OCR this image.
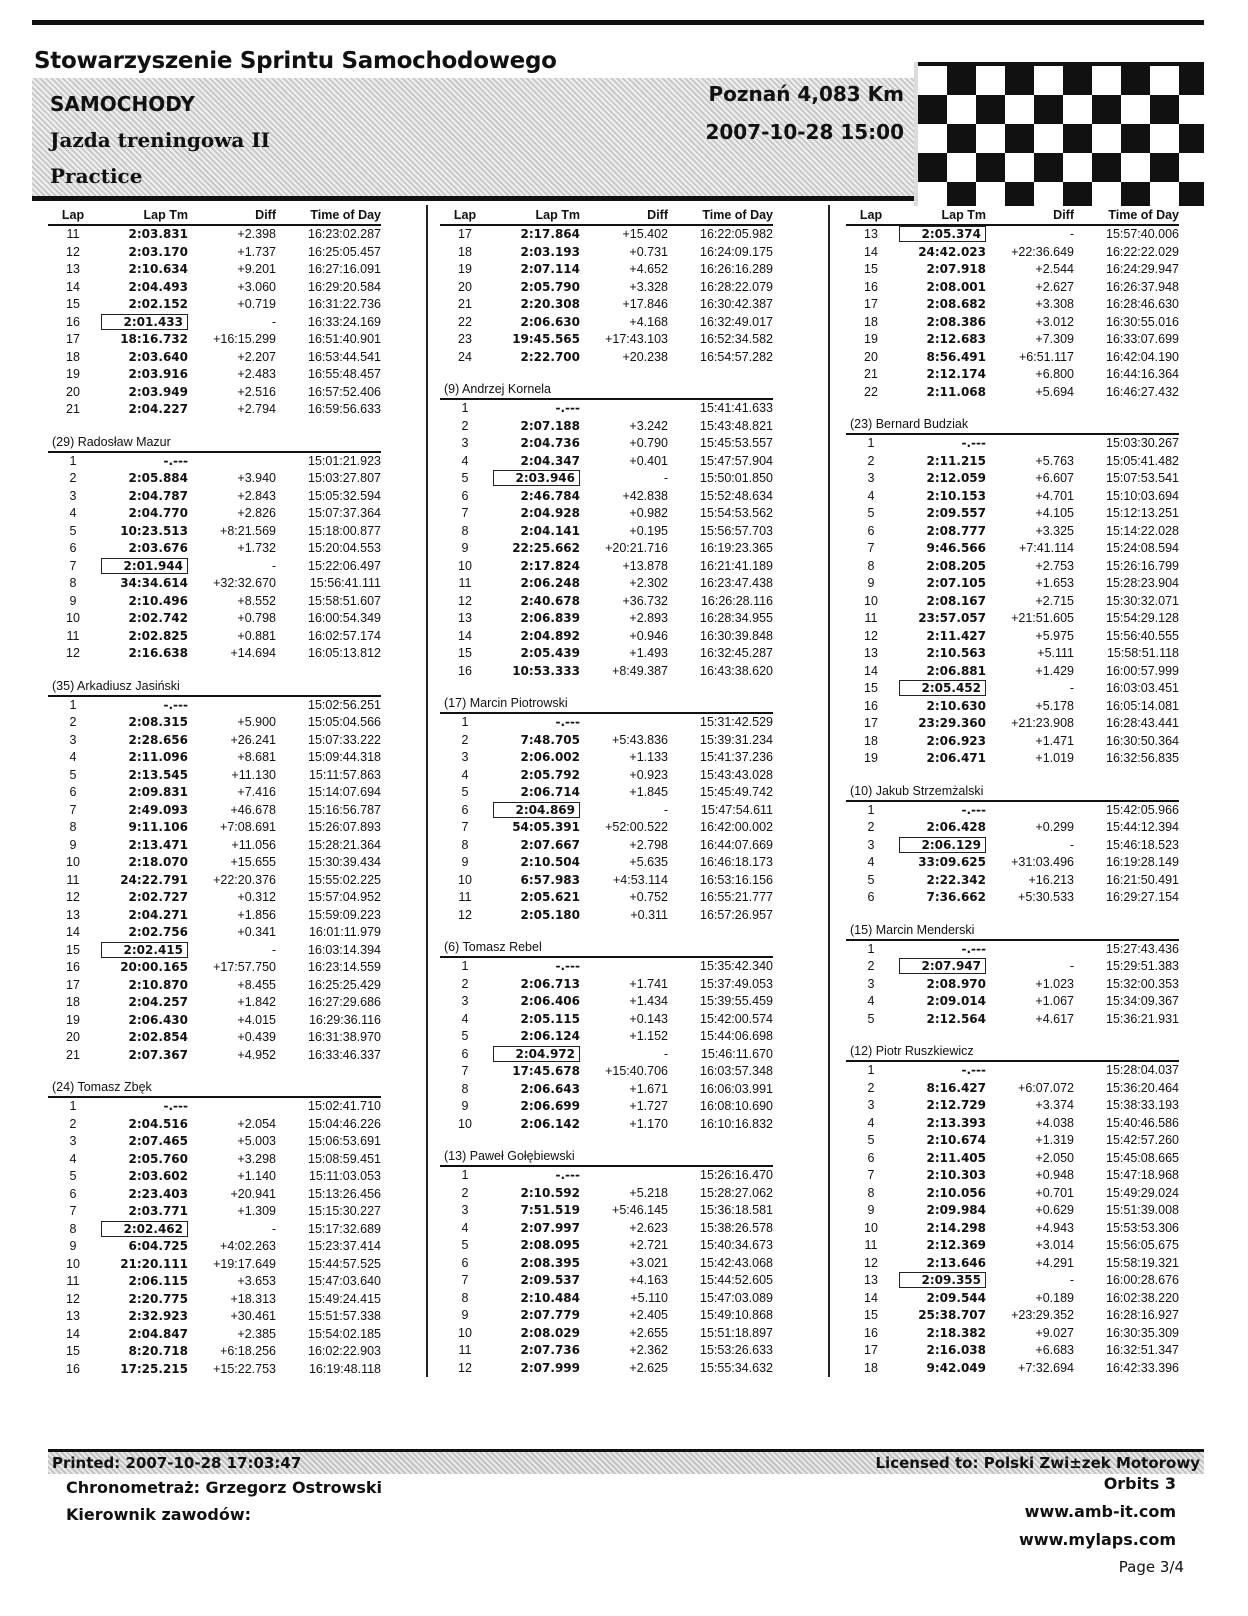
Stowarzyszenie Sprintu Samochodowego
SAMOCHODY
Jazda treningowa II
Practice
Poznań 4,083 Km
2007-10-28 15:00
Lap	Lap Tm	Diff	Time of Day
11	2:03.831	+2.398	16:23:02.287
12	2:03.170	+1.737	16:25:05.457
13	2:10.634	+9.201	16:27:16.091
14	2:04.493	+3.060	16:29:20.584
15	2:02.152	+0.719	16:31:22.736
16	2:01.433	-	16:33:24.169
17	18:16.732	+16:15.299	16:51:40.901
18	2:03.640	+2.207	16:53:44.541
19	2:03.916	+2.483	16:55:48.457
20	2:03.949	+2.516	16:57:52.406
21	2:04.227	+2.794	16:59:56.633
(29) Radosław Mazur
1	-.---		15:01:21.923
2	2:05.884	+3.940	15:03:27.807
3	2:04.787	+2.843	15:05:32.594
4	2:04.770	+2.826	15:07:37.364
5	10:23.513	+8:21.569	15:18:00.877
6	2:03.676	+1.732	15:20:04.553
7	2:01.944	-	15:22:06.497
8	34:34.614	+32:32.670	15:56:41.111
9	2:10.496	+8.552	15:58:51.607
10	2:02.742	+0.798	16:00:54.349
11	2:02.825	+0.881	16:02:57.174
12	2:16.638	+14.694	16:05:13.812
(35) Arkadiusz Jasiński
1	-.---		15:02:56.251
2	2:08.315	+5.900	15:05:04.566
3	2:28.656	+26.241	15:07:33.222
4	2:11.096	+8.681	15:09:44.318
5	2:13.545	+11.130	15:11:57.863
6	2:09.831	+7.416	15:14:07.694
7	2:49.093	+46.678	15:16:56.787
8	9:11.106	+7:08.691	15:26:07.893
9	2:13.471	+11.056	15:28:21.364
10	2:18.070	+15.655	15:30:39.434
11	24:22.791	+22:20.376	15:55:02.225
12	2:02.727	+0.312	15:57:04.952
13	2:04.271	+1.856	15:59:09.223
14	2:02.756	+0.341	16:01:11.979
15	2:02.415	-	16:03:14.394
16	20:00.165	+17:57.750	16:23:14.559
17	2:10.870	+8.455	16:25:25.429
18	2:04.257	+1.842	16:27:29.686
19	2:06.430	+4.015	16:29:36.116
20	2:02.854	+0.439	16:31:38.970
21	2:07.367	+4.952	16:33:46.337
(24) Tomasz Zbęk
1	-.---		15:02:41.710
2	2:04.516	+2.054	15:04:46.226
3	2:07.465	+5.003	15:06:53.691
4	2:05.760	+3.298	15:08:59.451
5	2:03.602	+1.140	15:11:03.053
6	2:23.403	+20.941	15:13:26.456
7	2:03.771	+1.309	15:15:30.227
8	2:02.462	-	15:17:32.689
9	6:04.725	+4:02.263	15:23:37.414
10	21:20.111	+19:17.649	15:44:57.525
11	2:06.115	+3.653	15:47:03.640
12	2:20.775	+18.313	15:49:24.415
13	2:32.923	+30.461	15:51:57.338
14	2:04.847	+2.385	15:54:02.185
15	8:20.718	+6:18.256	16:02:22.903
16	17:25.215	+15:22.753	16:19:48.118
Lap	Lap Tm	Diff	Time of Day
17	2:17.864	+15.402	16:22:05.982
18	2:03.193	+0.731	16:24:09.175
19	2:07.114	+4.652	16:26:16.289
20	2:05.790	+3.328	16:28:22.079
21	2:20.308	+17.846	16:30:42.387
22	2:06.630	+4.168	16:32:49.017
23	19:45.565	+17:43.103	16:52:34.582
24	2:22.700	+20.238	16:54:57.282
(9) Andrzej Kornela
1	-.---		15:41:41.633
2	2:07.188	+3.242	15:43:48.821
3	2:04.736	+0.790	15:45:53.557
4	2:04.347	+0.401	15:47:57.904
5	2:03.946	-	15:50:01.850
6	2:46.784	+42.838	15:52:48.634
7	2:04.928	+0.982	15:54:53.562
8	2:04.141	+0.195	15:56:57.703
9	22:25.662	+20:21.716	16:19:23.365
10	2:17.824	+13.878	16:21:41.189
11	2:06.248	+2.302	16:23:47.438
12	2:40.678	+36.732	16:26:28.116
13	2:06.839	+2.893	16:28:34.955
14	2:04.892	+0.946	16:30:39.848
15	2:05.439	+1.493	16:32:45.287
16	10:53.333	+8:49.387	16:43:38.620
(17) Marcin Piotrowski
1	-.---		15:31:42.529
2	7:48.705	+5:43.836	15:39:31.234
3	2:06.002	+1.133	15:41:37.236
4	2:05.792	+0.923	15:43:43.028
5	2:06.714	+1.845	15:45:49.742
6	2:04.869	-	15:47:54.611
7	54:05.391	+52:00.522	16:42:00.002
8	2:07.667	+2.798	16:44:07.669
9	2:10.504	+5.635	16:46:18.173
10	6:57.983	+4:53.114	16:53:16.156
11	2:05.621	+0.752	16:55:21.777
12	2:05.180	+0.311	16:57:26.957
(6) Tomasz Rebel
1	-.---		15:35:42.340
2	2:06.713	+1.741	15:37:49.053
3	2:06.406	+1.434	15:39:55.459
4	2:05.115	+0.143	15:42:00.574
5	2:06.124	+1.152	15:44:06.698
6	2:04.972	-	15:46:11.670
7	17:45.678	+15:40.706	16:03:57.348
8	2:06.643	+1.671	16:06:03.991
9	2:06.699	+1.727	16:08:10.690
10	2:06.142	+1.170	16:10:16.832
(13) Paweł Gołębiewski
1	-.---		15:26:16.470
2	2:10.592	+5.218	15:28:27.062
3	7:51.519	+5:46.145	15:36:18.581
4	2:07.997	+2.623	15:38:26.578
5	2:08.095	+2.721	15:40:34.673
6	2:08.395	+3.021	15:42:43.068
7	2:09.537	+4.163	15:44:52.605
8	2:10.484	+5.110	15:47:03.089
9	2:07.779	+2.405	15:49:10.868
10	2:08.029	+2.655	15:51:18.897
11	2:07.736	+2.362	15:53:26.633
12	2:07.999	+2.625	15:55:34.632
Lap	Lap Tm	Diff	Time of Day
13	2:05.374	-	15:57:40.006
14	24:42.023	+22:36.649	16:22:22.029
15	2:07.918	+2.544	16:24:29.947
16	2:08.001	+2.627	16:26:37.948
17	2:08.682	+3.308	16:28:46.630
18	2:08.386	+3.012	16:30:55.016
19	2:12.683	+7.309	16:33:07.699
20	8:56.491	+6:51.117	16:42:04.190
21	2:12.174	+6.800	16:44:16.364
22	2:11.068	+5.694	16:46:27.432
(23) Bernard Budziak
1	-.---		15:03:30.267
2	2:11.215	+5.763	15:05:41.482
3	2:12.059	+6.607	15:07:53.541
4	2:10.153	+4.701	15:10:03.694
5	2:09.557	+4.105	15:12:13.251
6	2:08.777	+3.325	15:14:22.028
7	9:46.566	+7:41.114	15:24:08.594
8	2:08.205	+2.753	15:26:16.799
9	2:07.105	+1.653	15:28:23.904
10	2:08.167	+2.715	15:30:32.071
11	23:57.057	+21:51.605	15:54:29.128
12	2:11.427	+5.975	15:56:40.555
13	2:10.563	+5.111	15:58:51.118
14	2:06.881	+1.429	16:00:57.999
15	2:05.452	-	16:03:03.451
16	2:10.630	+5.178	16:05:14.081
17	23:29.360	+21:23.908	16:28:43.441
18	2:06.923	+1.471	16:30:50.364
19	2:06.471	+1.019	16:32:56.835
(10) Jakub Strzemżalski
1	-.---		15:42:05.966
2	2:06.428	+0.299	15:44:12.394
3	2:06.129	-	15:46:18.523
4	33:09.625	+31:03.496	16:19:28.149
5	2:22.342	+16.213	16:21:50.491
6	7:36.662	+5:30.533	16:29:27.154
(15) Marcin Menderski
1	-.---		15:27:43.436
2	2:07.947	-	15:29:51.383
3	2:08.970	+1.023	15:32:00.353
4	2:09.014	+1.067	15:34:09.367
5	2:12.564	+4.617	15:36:21.931
(12) Piotr Ruszkiewicz
1	-.---		15:28:04.037
2	8:16.427	+6:07.072	15:36:20.464
3	2:12.729	+3.374	15:38:33.193
4	2:13.393	+4.038	15:40:46.586
5	2:10.674	+1.319	15:42:57.260
6	2:11.405	+2.050	15:45:08.665
7	2:10.303	+0.948	15:47:18.968
8	2:10.056	+0.701	15:49:29.024
9	2:09.984	+0.629	15:51:39.008
10	2:14.298	+4.943	15:53:53.306
11	2:12.369	+3.014	15:56:05.675
12	2:13.646	+4.291	15:58:19.321
13	2:09.355	-	16:00:28.676
14	2:09.544	+0.189	16:02:38.220
15	25:38.707	+23:29.352	16:28:16.927
16	2:18.382	+9.027	16:30:35.309
17	2:16.038	+6.683	16:32:51.347
18	9:42.049	+7:32.694	16:42:33.396
Printed: 2007-10-28 17:03:47	Licensed to: Polski Zwi±zek Motorowy
Chronometraż: Grzegorz Ostrowski
Kierownik zawodów:
Orbits 3
www.amb-it.com
www.mylaps.com
Page 3/4
